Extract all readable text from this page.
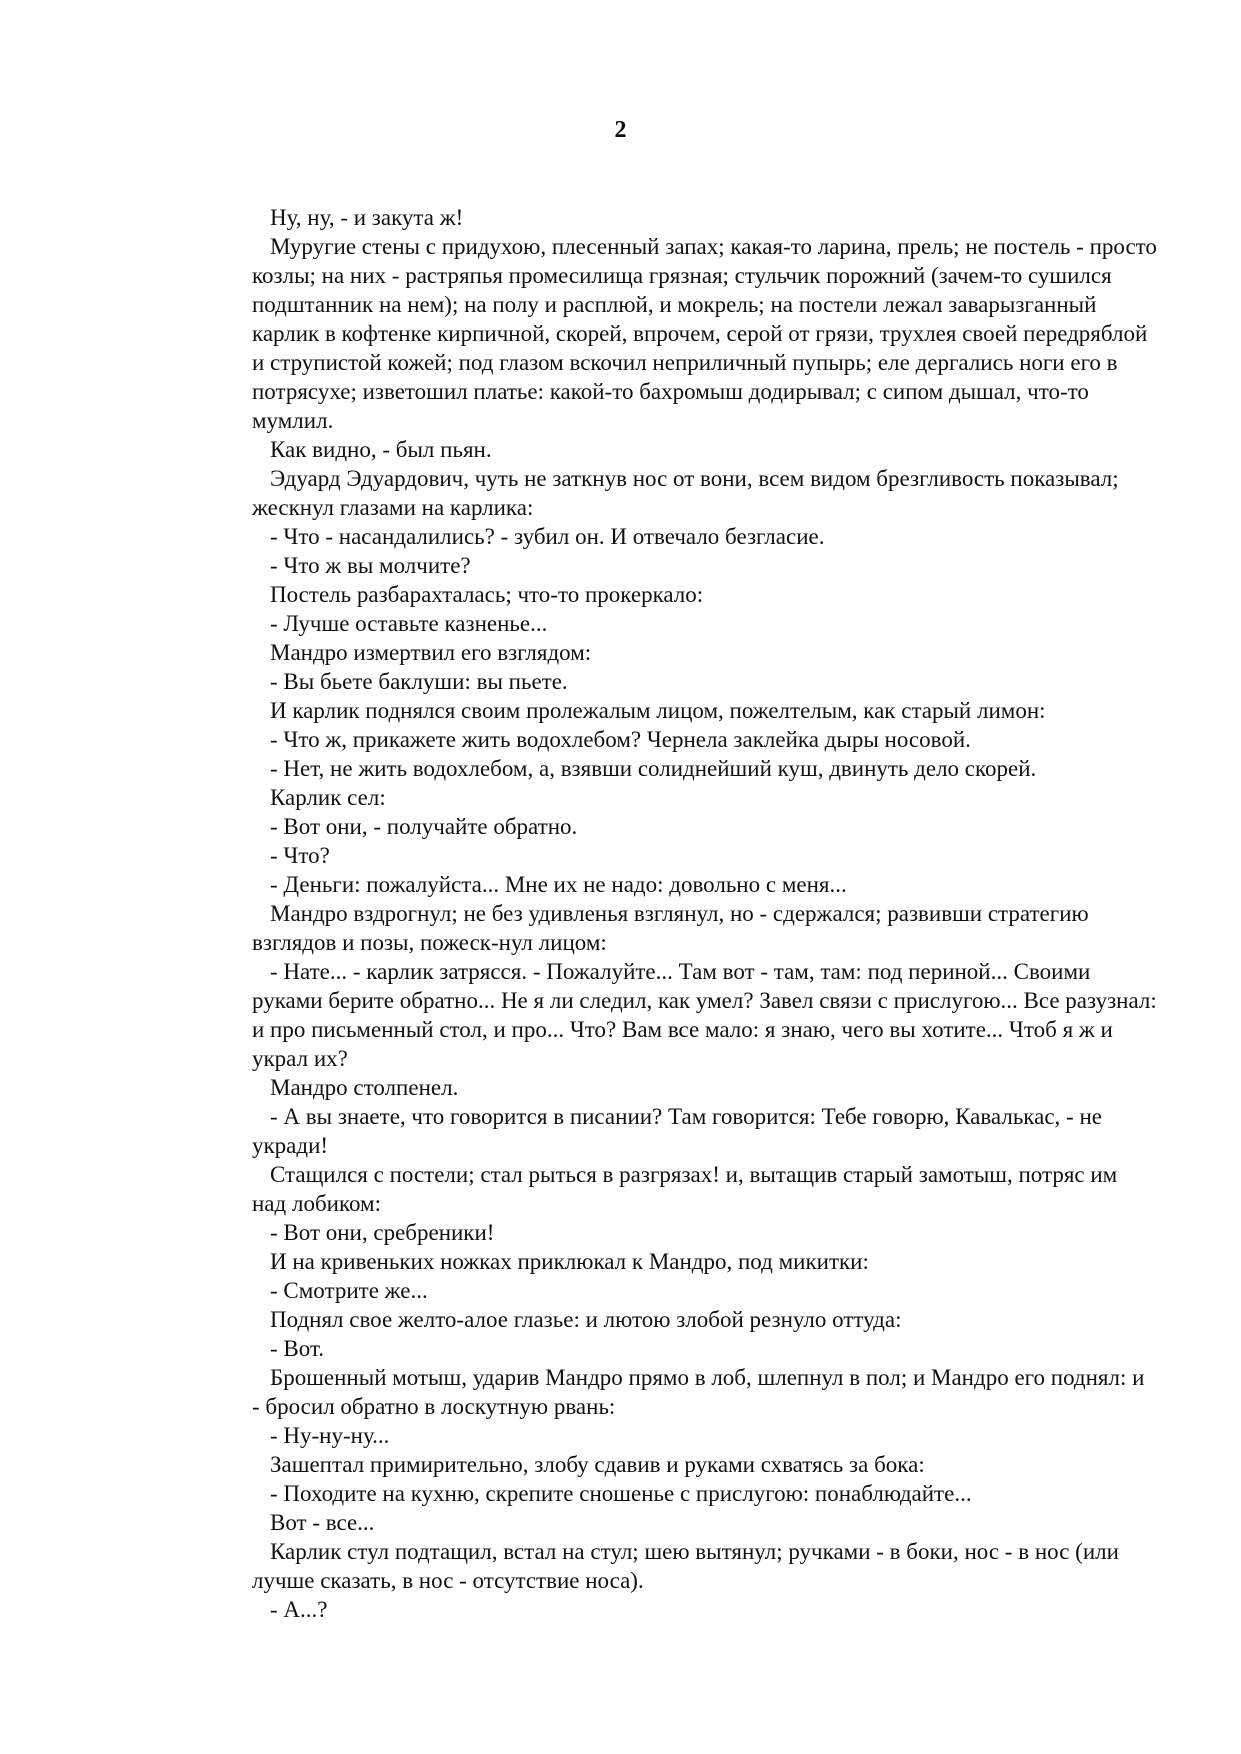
2

Ну, ну, - и закута ж!

Муругие стены с придухою, плесенный запах; какая-то ларина, прель; не постель - просто козлы; на них - растряпья промесилища грязная; стульчик порожний (зачем-то сушился подштанник на нем); на полу и расплюй, и мокрель; на постели лежал заварызганный карлик в кофтенке кирпичной, скорей, впрочем, серой от грязи, трухлея своей передряблой и струпистой кожей; под глазом вскочил неприличный пупырь; еле дергались ноги его в потрясухе; изветошил платье: какой-то бахромыш додирывал; с сипом дышал, что-то мумлил.

Как видно, - был пьян.

Эдуард Эдуардович, чуть не заткнув нос от вони, всем видом брезгливость показывал; жескнул глазами на карлика:

- Что - насандалились? - зубил он. И отвечало безгласие.

- Что ж вы молчите?

Постель разбарахталась; что-то прокеркало:

- Лучше оставьте казненье...

Мандро измертвил его взглядом:

- Вы бьете баклуши: вы пьете.

И карлик поднялся своим пролежалым лицом, пожелтелым, как старый лимон:

- Что ж, прикажете жить водохлебом? Чернела заклейка дыры носовой.

- Нет, не жить водохлебом, а, взявши солиднейший куш, двинуть дело скорей.

Карлик сел:

- Вот они, - получайте обратно.

- Что?

- Деньги: пожалуйста... Мне их не надо: довольно с меня...

Мандро вздрогнул; не без удивленья взглянул, но - сдержался; развивши стратегию взглядов и позы, пожеск-нул лицом:

- Нате... - карлик затрясся. - Пожалуйте... Там вот - там, там: под периной... Своими руками берите обратно... Не я ли следил, как умел? Завел связи с прислугою... Все разузнал: и про письменный стол, и про... Что? Вам все мало: я знаю, чего вы хотите... Чтоб я ж и украл их?

Мандро столпенел.

- А вы знаете, что говорится в писании? Там говорится: Тебе говорю, Кавалькас, - не укради!

Стащился с постели; стал рыться в разгрязах! и, вытащив старый замотыш, потряс им над лобиком:

- Вот они, сребреники!

И на кривеньких ножках приклюкал к Мандро, под микитки:

- Смотрите же...

Поднял свое желто-алое глазье: и лютою злобой резнуло оттуда:

- Вот.

Брошенный мотыш, ударив Мандро прямо в лоб, шлепнул в пол; и Мандро его поднял: и - бросил обратно в лоскутную рвань:

- Ну-ну-ну...

Зашептал примирительно, злобу сдавив и руками схватясь за бока:

- Походите на кухню, скрепите сношенье с прислугою: понаблюдайте...

Вот - все...

Карлик стул подтащил, встал на стул; шею вытянул; ручками - в боки, нос - в нос (или лучше сказать, в нос - отсутствие носа).

- А...?
